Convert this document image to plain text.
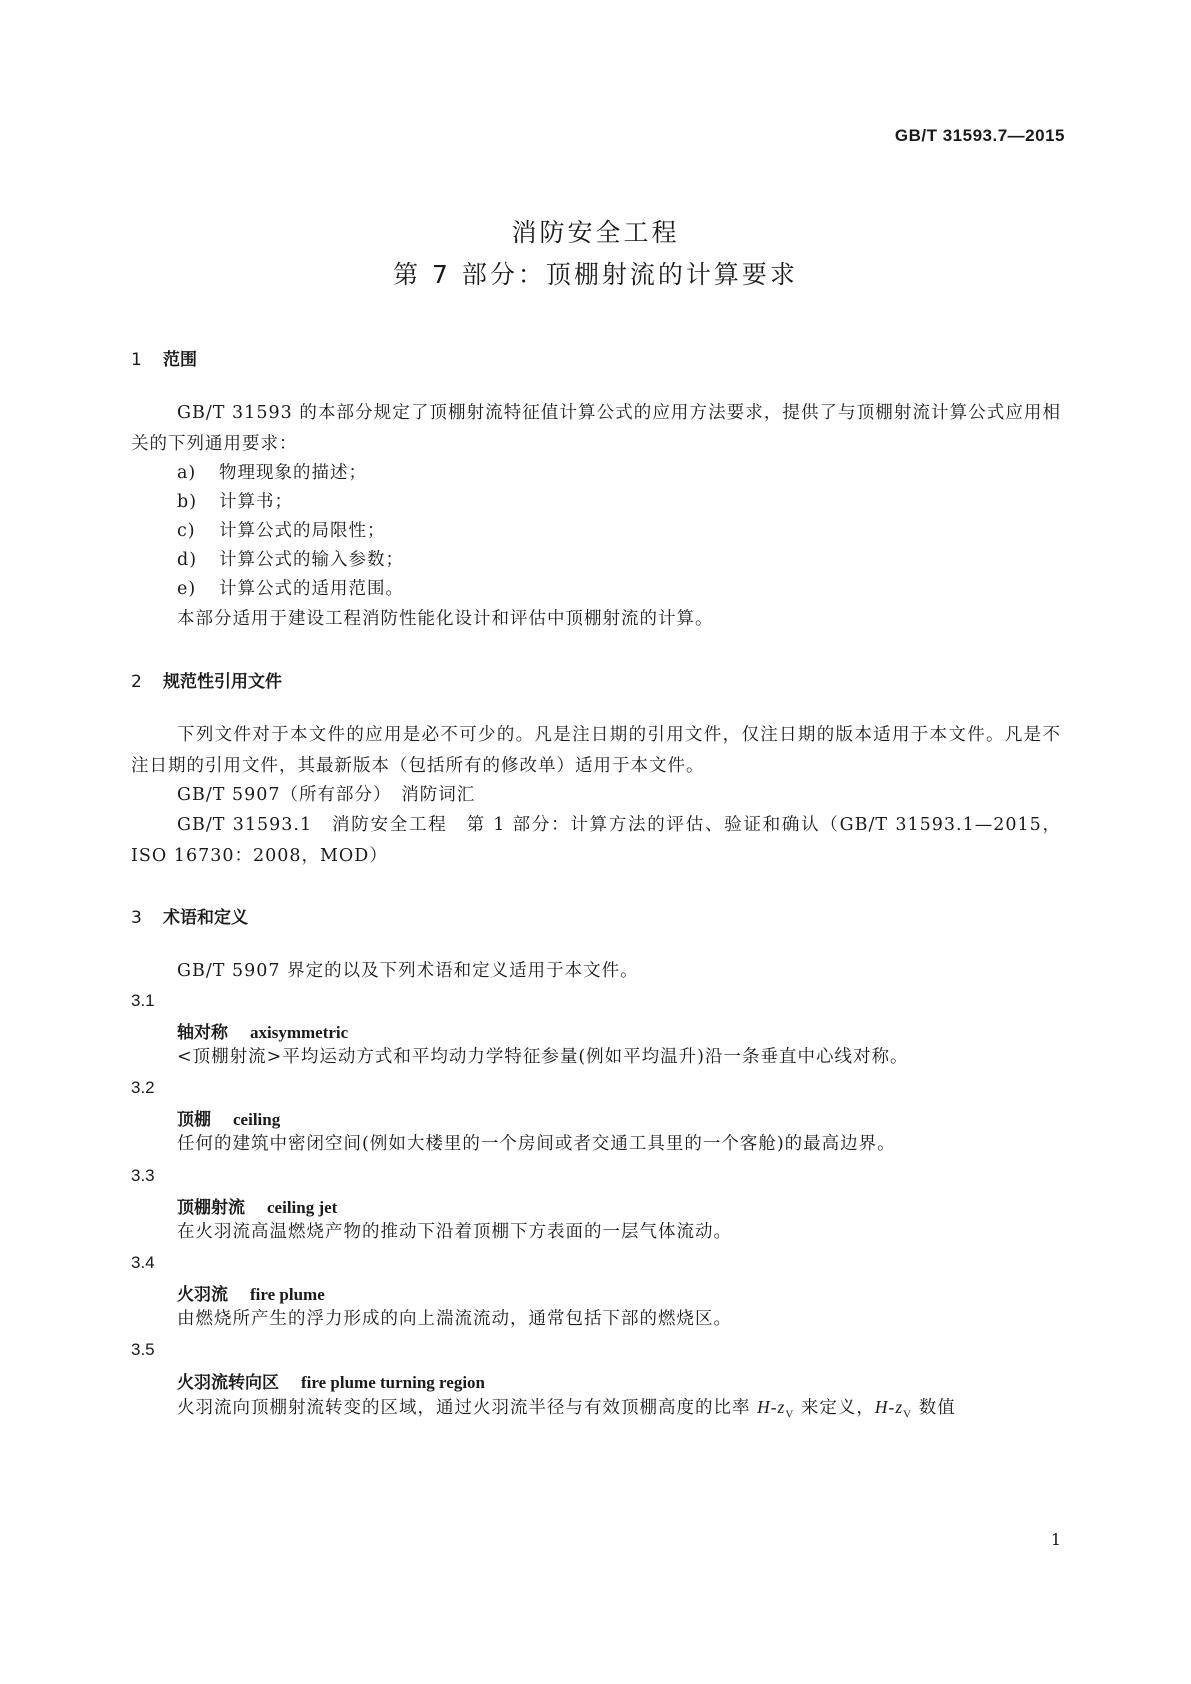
GB/T 31593.7—2015
消防安全工程
第 7 部分：顶棚射流的计算要求
1 范围
GB/T 31593 的本部分规定了顶棚射流特征值计算公式的应用方法要求，提供了与顶棚射流计算公式应用相关的下列通用要求：
a) 物理现象的描述；
b) 计算书；
c) 计算公式的局限性；
d) 计算公式的输入参数；
e) 计算公式的适用范围。
本部分适用于建设工程消防性能化设计和评估中顶棚射流的计算。
2 规范性引用文件
下列文件对于本文件的应用是必不可少的。凡是注日期的引用文件，仅注日期的版本适用于本文件。凡是不注日期的引用文件，其最新版本（包括所有的修改单）适用于本文件。
GB/T 5907（所有部分）　消防词汇
GB/T 31593.1　消防安全工程　第 1 部分：计算方法的评估、验证和确认（GB/T 31593.1—2015，ISO 16730：2008，MOD）
3 术语和定义
GB/T 5907 界定的以及下列术语和定义适用于本文件。
3.1
轴对称 axisymmetric
<顶棚射流>平均运动方式和平均动力学特征参量(例如平均温升)沿一条垂直中心线对称。
3.2
顶棚 ceiling
任何的建筑中密闭空间(例如大楼里的一个房间或者交通工具里的一个客舱)的最高边界。
3.3
顶棚射流 ceiling jet
在火羽流高温燃烧产物的推动下沿着顶棚下方表面的一层气体流动。
3.4
火羽流 fire plume
由燃烧所产生的浮力形成的向上湍流流动，通常包括下部的燃烧区。
3.5
火羽流转向区 fire plume turning region
火羽流向顶棚射流转变的区域，通过火羽流半径与有效顶棚高度的比率 $H-z_V$ 来定义，$H-z_V$ 数值
1
